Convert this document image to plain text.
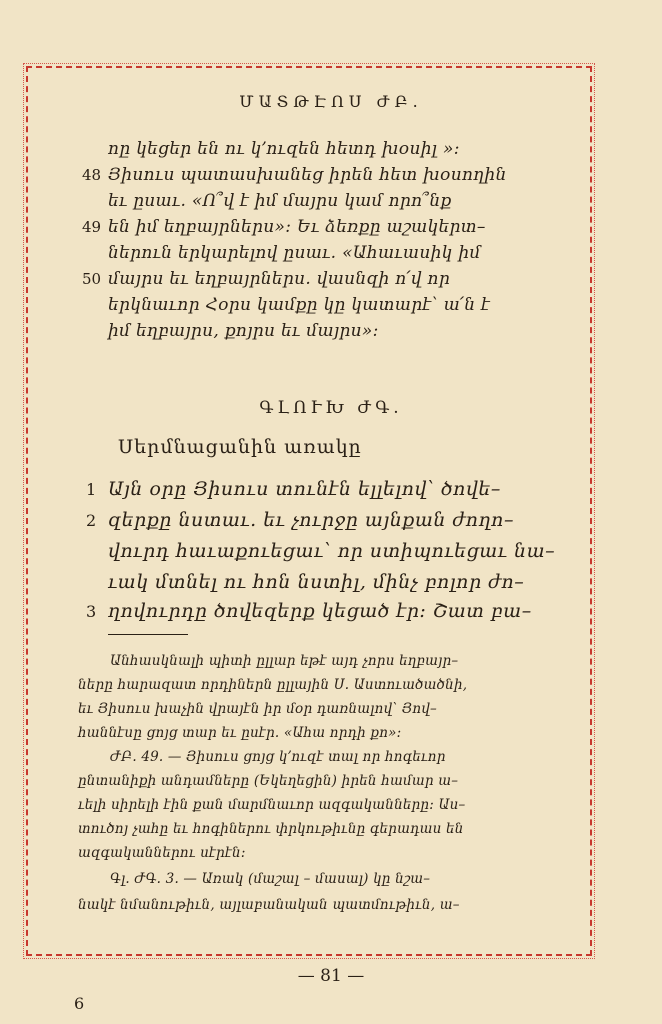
ՄԱՏԹԷՈՍ ԺԲ.
ոը կեցեր են ու կ՚ուզեն հետդ խօսիլ »:
48 Յիսուս պատասխանեց իրեն հետ խօսողին
եւ ըսաւ. «Ո՞վ է իմ մայրս կամ որո՞նք
49 են իմ եղբայրներս»: Եւ ձեռքը աշակերտ–
ներուն երկարելով ըսաւ. «Ահաւասիկ իմ
50 մայրս եւ եղբայրներս. վասնզի ո՛վ որ
երկնաւոր Հօրս կամքը կը կատարէ՝ ա՛ն է
իմ եղբայրս, քոյրս եւ մայրս»:
ԳԼՈՒԽ ԺԳ.
Սերմնացանին առակը
1 Այն օրը Յիսուս տունէն ելլելով՝ ծովե–
2 զերքը նստաւ. եւ չուրջը այնքան ժողո–
վուրդ հաւաքուեցաւ՝ որ ստիպուեցաւ նա–
ւակ մտնել ու հոն նստիլ, մինչ բոլոր ժո–
3 ղովուրդը ծովեզերք կեցած էր: Շատ բա–
Անհասկնալի պիտի ըլլար եթէ այդ չորս եղբայր–
ները հարազատ որդիներն ըլլային Ս. Աստուածածնի,
եւ Յիսուս խաչին վրայէն իր մօր դառնալով՝ Յով–
հաննէսը ցոյց տար եւ ըսէր. «Ահա որդի քո»:
ԺԲ. 49. — Յիսուս ցոյց կ՚ուզէ տալ որ հոգեւոր
ընտանիքի անդամները (Եկեղեցին) իրեն համար ա–
ւելի սիրելի էին քան մարմնաւոր ազգականները: Աս–
տուծոյ չահը եւ հոգիներու փրկութիւնը գերադաս են
ազգականներու սէրէն:
Գլ. ԺԳ. 3. — Առակ (մաշալ – մասալ) կը նշա–
նակէ նմանութիւն, այլաբանական պատմութիւն, ա–
— 81 —
6
